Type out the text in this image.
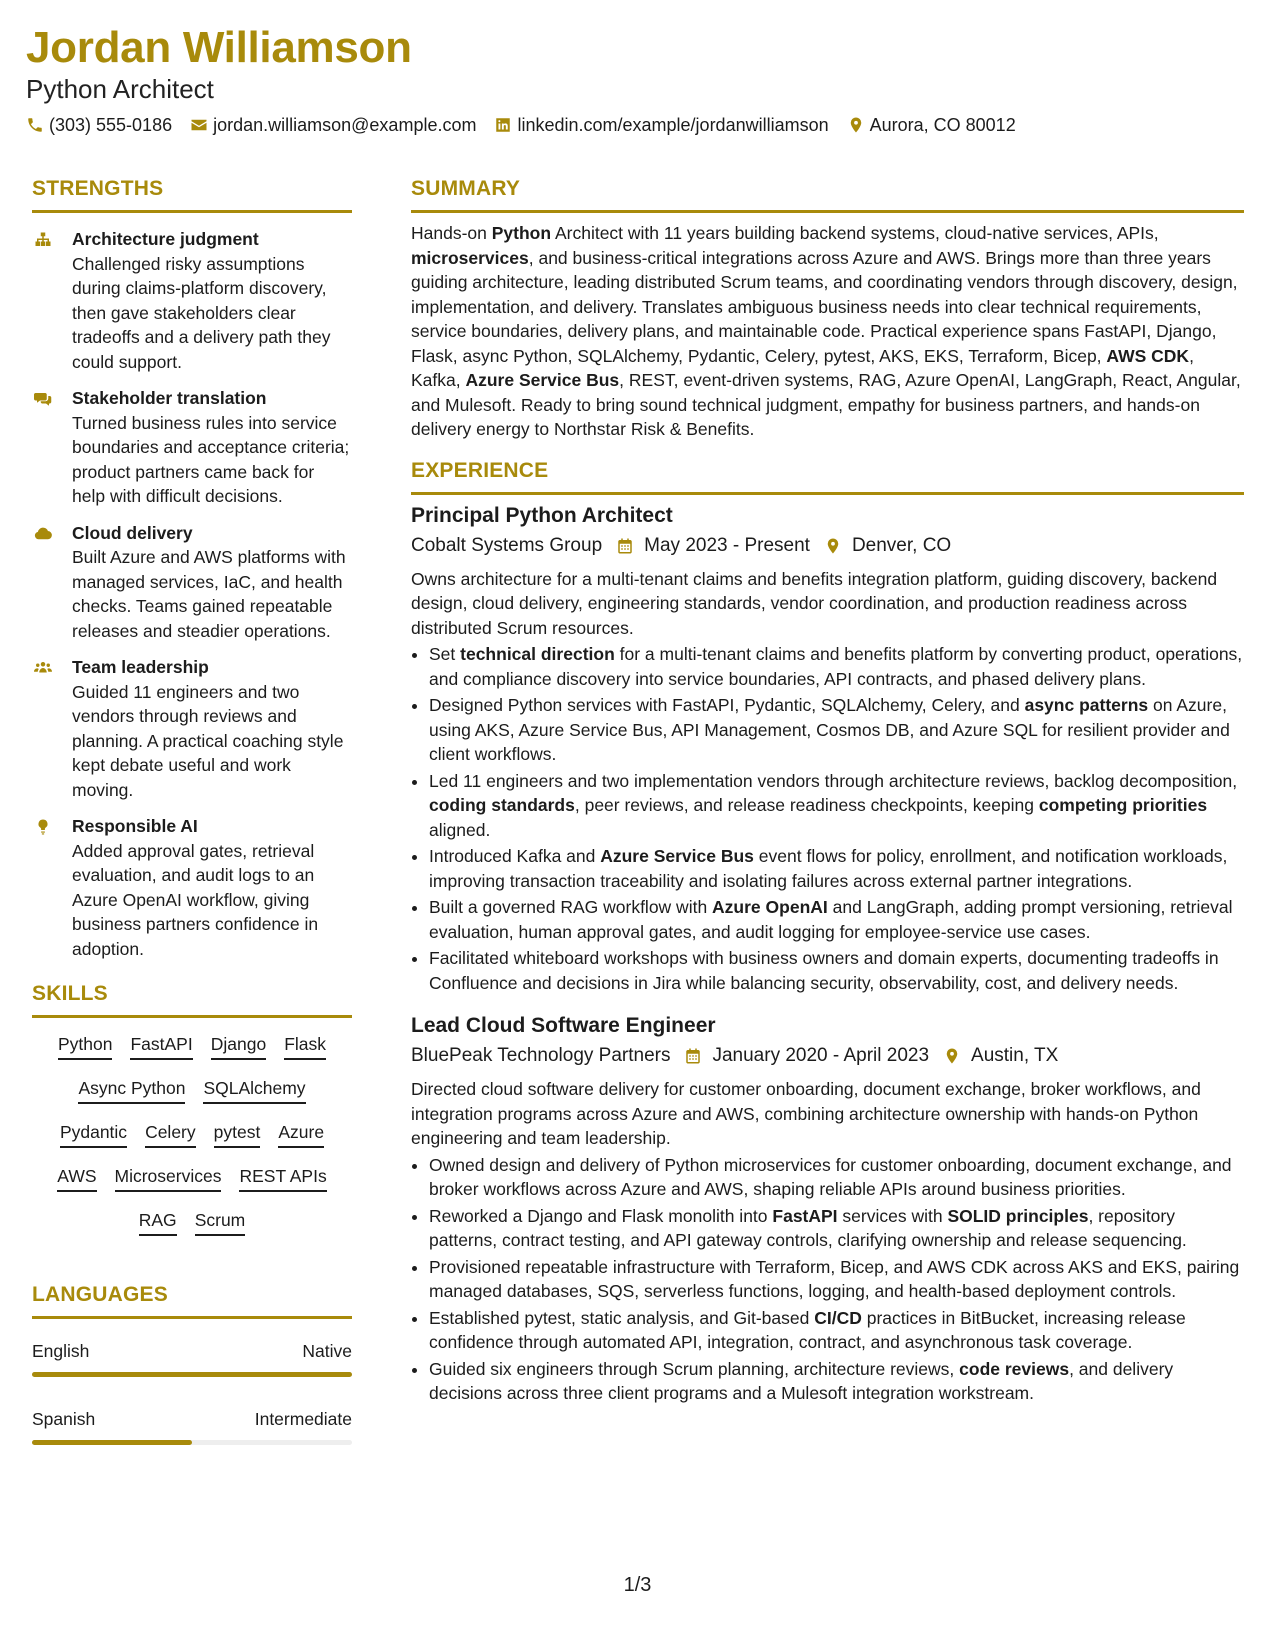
Jordan Williamson
Python Architect
(303) 555-0186 jordan.williamson@example.com linkedin.com/example/jordanwilliamson Aurora, CO 80012
STRENGTHS
Architecture judgment
Challenged risky assumptions during claims-platform discovery, then gave stakeholders clear tradeoffs and a delivery path they could support.
Stakeholder translation
Turned business rules into service boundaries and acceptance criteria; product partners came back for help with difficult decisions.
Cloud delivery
Built Azure and AWS platforms with managed services, IaC, and health checks. Teams gained repeatable releases and steadier operations.
Team leadership
Guided 11 engineers and two vendors through reviews and planning. A practical coaching style kept debate useful and work moving.
Responsible AI
Added approval gates, retrieval evaluation, and audit logs to an Azure OpenAI workflow, giving business partners confidence in adoption.
SKILLS
Python FastAPI Django Flask
Async Python SQLAlchemy
Pydantic Celery pytest Azure
AWS Microservices REST APIs
RAG Scrum
LANGUAGES
English	Native
Spanish	Intermediate
SUMMARY
Hands-on Python Architect with 11 years building backend systems, cloud-native services, APIs, microservices, and business-critical integrations across Azure and AWS. Brings more than three years guiding architecture, leading distributed Scrum teams, and coordinating vendors through discovery, design, implementation, and delivery. Translates ambiguous business needs into clear technical requirements, service boundaries, delivery plans, and maintainable code. Practical experience spans FastAPI, Django, Flask, async Python, SQLAlchemy, Pydantic, Celery, pytest, AKS, EKS, Terraform, Bicep, AWS CDK, Kafka, Azure Service Bus, REST, event-driven systems, RAG, Azure OpenAI, LangGraph, React, Angular, and Mulesoft. Ready to bring sound technical judgment, empathy for business partners, and hands-on delivery energy to Northstar Risk & Benefits.
EXPERIENCE
Principal Python Architect
Cobalt Systems Group May 2023 - Present Denver, CO
Owns architecture for a multi-tenant claims and benefits integration platform, guiding discovery, backend design, cloud delivery, engineering standards, vendor coordination, and production readiness across distributed Scrum resources.
• Set technical direction for a multi-tenant claims and benefits platform by converting product, operations, and compliance discovery into service boundaries, API contracts, and phased delivery plans.
• Designed Python services with FastAPI, Pydantic, SQLAlchemy, Celery, and async patterns on Azure, using AKS, Azure Service Bus, API Management, Cosmos DB, and Azure SQL for resilient provider and client workflows.
• Led 11 engineers and two implementation vendors through architecture reviews, backlog decomposition, coding standards, peer reviews, and release readiness checkpoints, keeping competing priorities aligned.
• Introduced Kafka and Azure Service Bus event flows for policy, enrollment, and notification workloads, improving transaction traceability and isolating failures across external partner integrations.
• Built a governed RAG workflow with Azure OpenAI and LangGraph, adding prompt versioning, retrieval evaluation, human approval gates, and audit logging for employee-service use cases.
• Facilitated whiteboard workshops with business owners and domain experts, documenting tradeoffs in Confluence and decisions in Jira while balancing security, observability, cost, and delivery needs.
Lead Cloud Software Engineer
BluePeak Technology Partners January 2020 - April 2023 Austin, TX
Directed cloud software delivery for customer onboarding, document exchange, broker workflows, and integration programs across Azure and AWS, combining architecture ownership with hands-on Python engineering and team leadership.
• Owned design and delivery of Python microservices for customer onboarding, document exchange, and broker workflows across Azure and AWS, shaping reliable APIs around business priorities.
• Reworked a Django and Flask monolith into FastAPI services with SOLID principles, repository patterns, contract testing, and API gateway controls, clarifying ownership and release sequencing.
• Provisioned repeatable infrastructure with Terraform, Bicep, and AWS CDK across AKS and EKS, pairing managed databases, SQS, serverless functions, logging, and health-based deployment controls.
• Established pytest, static analysis, and Git-based CI/CD practices in BitBucket, increasing release confidence through automated API, integration, contract, and asynchronous task coverage.
• Guided six engineers through Scrum planning, architecture reviews, code reviews, and delivery decisions across three client programs and a Mulesoft integration workstream.
1/3
